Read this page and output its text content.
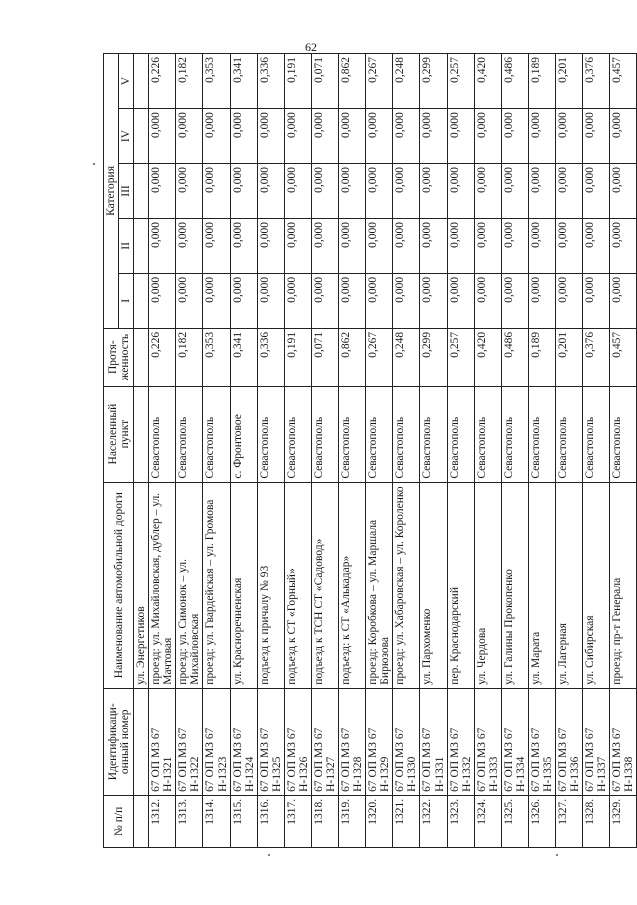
62
№ п/п	Идентификаци- онный номер	Наименование автомобильной дороги	Населенный пункт	Протя- женность	Категория				
					I	II	III	IV	V
		ул. Энергетиков							
1312.	67 ОП МЗ 67 Н-1321	проезд: ул. Михайловская, дублер – ул. Мачтовая	Севастополь	0,226	0,000	0,000	0,000	0,000	0,226
1313.	67 ОП МЗ 67 Н-1322	проезд: ул. Симонок – ул. Михайловская	Севастополь	0,182	0,000	0,000	0,000	0,000	0,182
1314.	67 ОП МЗ 67 Н-1323	проезд: ул. Гвардейская – ул. Громова	Севастополь	0,353	0,000	0,000	0,000	0,000	0,353
1315.	67 ОП МЗ 67 Н-1324	ул. Красноречненская	с. Фронтовое	0,341	0,000	0,000	0,000	0,000	0,341
1316.	67 ОП МЗ 67 Н-1325	подъезд к причалу № 93	Севастополь	0,336	0,000	0,000	0,000	0,000	0,336
1317.	67 ОП МЗ 67 Н-1326	подъезд к СТ «Горный»	Севастополь	0,191	0,000	0,000	0,000	0,000	0,191
1318.	67 ОП МЗ 67 Н-1327	подъезд к ТСН СТ «Садовод»	Севастополь	0,071	0,000	0,000	0,000	0,000	0,071
1319.	67 ОП МЗ 67 Н-1328	подъезд: к СТ «Алькадар»	Севастополь	0,862	0,000	0,000	0,000	0,000	0,862
1320.	67 ОП МЗ 67 Н-1329	проезд: Коробкова – ул. Маршала Бирюзова	Севастополь	0,267	0,000	0,000	0,000	0,000	0,267
1321.	67 ОП МЗ 67 Н-1330	проезд: ул. Хабаровская – ул. Короленко	Севастополь	0,248	0,000	0,000	0,000	0,000	0,248
1322.	67 ОП МЗ 67 Н-1331	ул. Пархоменко	Севастополь	0,299	0,000	0,000	0,000	0,000	0,299
1323.	67 ОП МЗ 67 Н-1332	пер. Краснодарский	Севастополь	0,257	0,000	0,000	0,000	0,000	0,257
1324.	67 ОП МЗ 67 Н-1333	ул. Чердова	Севастополь	0,420	0,000	0,000	0,000	0,000	0,420
1325.	67 ОП МЗ 67 Н-1334	ул. Галины Прокопенко	Севастополь	0,486	0,000	0,000	0,000	0,000	0,486
1326.	67 ОП МЗ 67 Н-1335	ул. Марата	Севастополь	0,189	0,000	0,000	0,000	0,000	0,189
1327.	67 ОП МЗ 67 Н-1336	ул. Лагерная	Севастополь	0,201	0,000	0,000	0,000	0,000	0,201
1328.	67 ОП МЗ 67 Н-1337	ул. Сибирская	Севастополь	0,376	0,000	0,000	0,000	0,000	0,376
1329.	67 ОП МЗ 67 Н-1338	проезд: пр-т Генерала	Севастополь	0,457	0,000	0,000	0,000	0,000	0,457
